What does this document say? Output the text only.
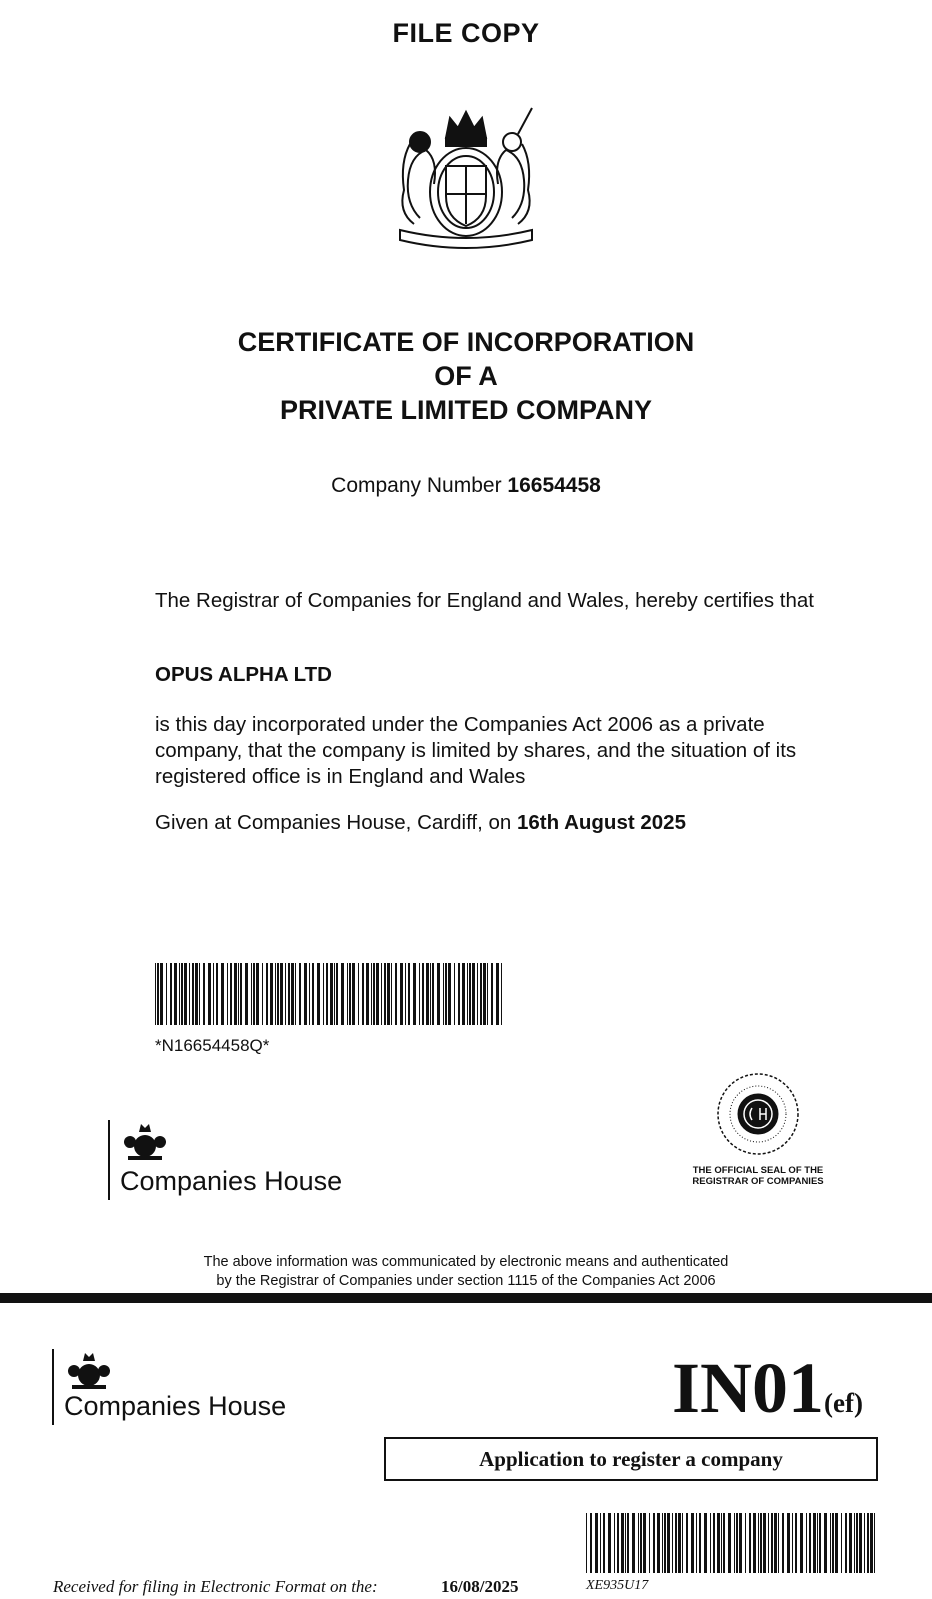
FILE COPY
CERTIFICATE OF INCORPORATION
OF A
PRIVATE LIMITED COMPANY
Company Number 16654458
The Registrar of Companies for England and Wales, hereby certifies that
OPUS ALPHA LTD
is this day incorporated under the Companies Act 2006 as a private company, that the company is limited by shares, and the situation of its registered office is in England and Wales
Given at Companies House, Cardiff, on 16th August 2025
*N16654458Q*
THE OFFICIAL SEAL OF THE
REGISTRAR OF COMPANIES
Companies House
The above information was communicated by electronic means and authenticated
by the Registrar of Companies under section 1115 of the Companies Act 2006
Companies House	IN01(ef)
Application to register a company
Received for filing in Electronic Format on the:	16/08/2025	XE935U17
